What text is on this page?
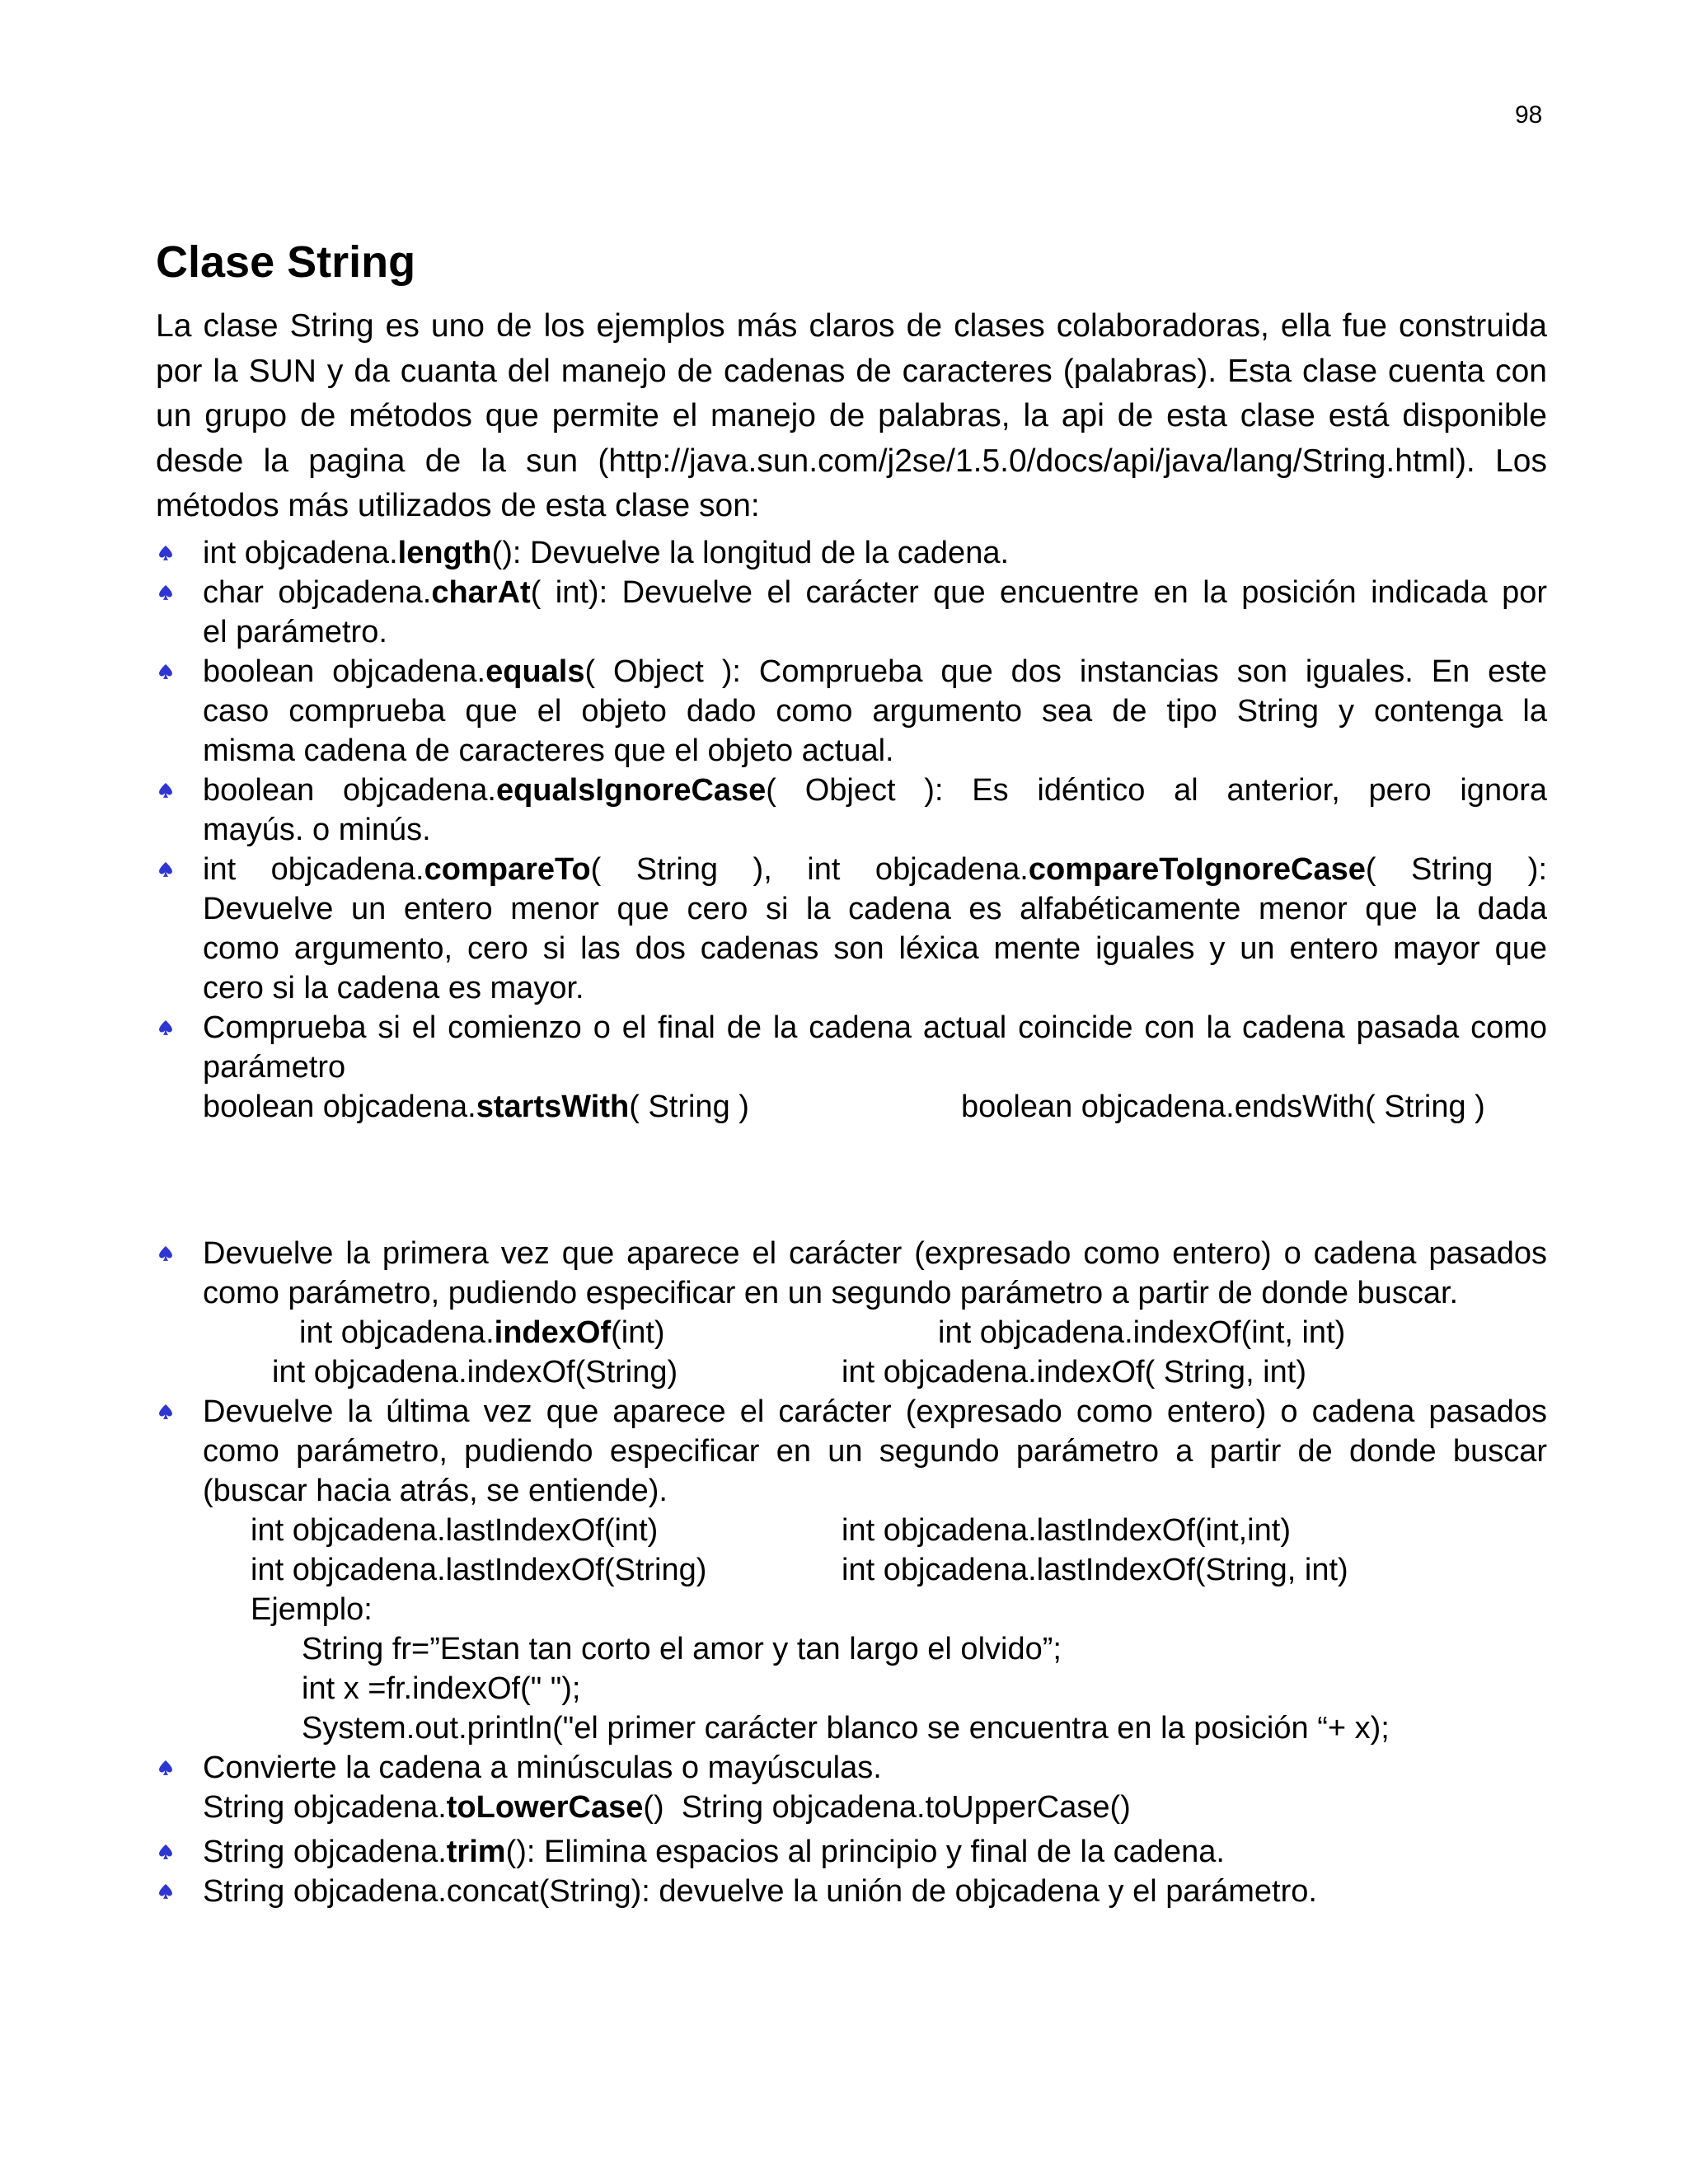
98
Clase String
La clase String es uno de los ejemplos más claros de clases colaboradoras, ella fue construida
por la SUN y da cuanta del manejo de cadenas de caracteres (palabras). Esta clase cuenta con
un grupo de métodos que permite el manejo de palabras, la api de esta clase está disponible
desde la pagina de la sun (http://java.sun.com/j2se/1.5.0/docs/api/java/lang/String.html). Los
métodos más utilizados de esta clase son:
int objcadena.length(): Devuelve la longitud de la cadena.
char objcadena.charAt( int): Devuelve el carácter que encuentre en la posición indicada por
el parámetro.
boolean objcadena.equals( Object ): Comprueba que dos instancias son iguales. En este
caso comprueba que el objeto dado como argumento sea de tipo String y contenga la
misma cadena de caracteres que el objeto actual.
boolean objcadena.equalsIgnoreCase( Object ): Es idéntico al anterior, pero ignora
mayús. o minús.
int objcadena.compareTo( String ), int objcadena.compareToIgnoreCase( String ):
Devuelve un entero menor que cero si la cadena es alfabéticamente menor que la dada
como argumento, cero si las dos cadenas son léxica mente iguales y un entero mayor que
cero si la cadena es mayor.
Comprueba si el comienzo o el final de la cadena actual coincide con la cadena pasada como
parámetro
boolean objcadena.startsWith( String )	boolean objcadena.endsWith( String )
Devuelve la primera vez que aparece el carácter (expresado como entero) o cadena pasados
como parámetro, pudiendo especificar en un segundo parámetro a partir de donde buscar.
int objcadena.indexOf(int)	int objcadena.indexOf(int, int)
int objcadena.indexOf(String)	int objcadena.indexOf( String, int)
Devuelve la última vez que aparece el carácter (expresado como entero) o cadena pasados
como parámetro, pudiendo especificar en un segundo parámetro a partir de donde buscar
(buscar hacia atrás, se entiende).
int objcadena.lastIndexOf(int)	int objcadena.lastIndexOf(int,int)
int objcadena.lastIndexOf(String)	int objcadena.lastIndexOf(String, int)
Ejemplo:
String fr=”Estan tan corto el amor y tan largo el olvido”;
int x =fr.indexOf(" ");
System.out.println("el primer carácter blanco se encuentra en la posición “+ x);
Convierte la cadena a minúsculas o mayúsculas.
String objcadena.toLowerCase()  String objcadena.toUpperCase()
String objcadena.trim(): Elimina espacios al principio y final de la cadena.
String objcadena.concat(String): devuelve la unión de objcadena y el parámetro.
